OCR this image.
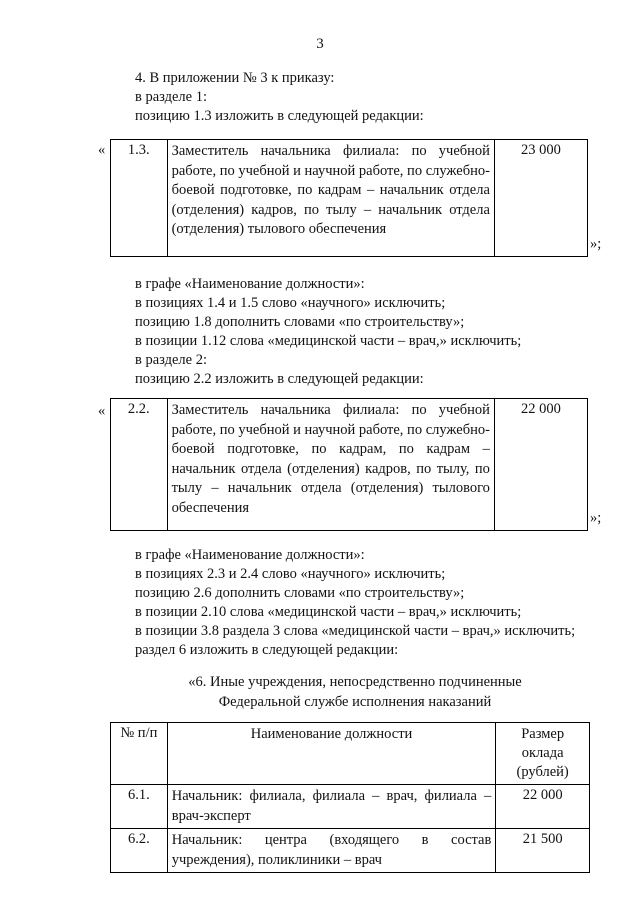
3
4. В приложении № 3 к приказу:
в разделе 1:
позицию 1.3 изложить в следующей редакции:
« 1.3.	Заместитель начальника филиала: по учебной работе, по учебной и научной работе, по служебно-боевой подготовке, по кадрам – начальник отдела (отделения) кадров, по тылу – начальник отдела (отделения) тылового обеспечения	23 000
»;
в графе «Наименование должности»:
в позициях 1.4 и 1.5 слово «научного» исключить;
позицию 1.8 дополнить словами «по строительству»;
в позиции 1.12 слова «медицинской части – врач,» исключить;
в разделе 2:
позицию 2.2 изложить в следующей редакции:
« 2.2.	Заместитель начальника филиала: по учебной работе, по учебной и научной работе, по служебно-боевой подготовке, по кадрам, по кадрам – начальник отдела (отделения) кадров, по тылу, по тылу – начальник отдела (отделения) тылового обеспечения	22 000
»;
в графе «Наименование должности»:
в позициях 2.3 и 2.4 слово «научного» исключить;
позицию 2.6 дополнить словами «по строительству»;
в позиции 2.10 слова «медицинской части – врач,» исключить;
в позиции 3.8 раздела 3 слова «медицинской части – врач,» исключить;
раздел 6 изложить в следующей редакции:
«6. Иные учреждения, непосредственно подчиненные
Федеральной службе исполнения наказаний
№ п/п	Наименование должности	Размер оклада (рублей)
6.1.	Начальник: филиала, филиала – врач, филиала – врач-эксперт	22 000
6.2.	Начальник: центра (входящего в состав учреждения), поликлиники – врач	21 500
